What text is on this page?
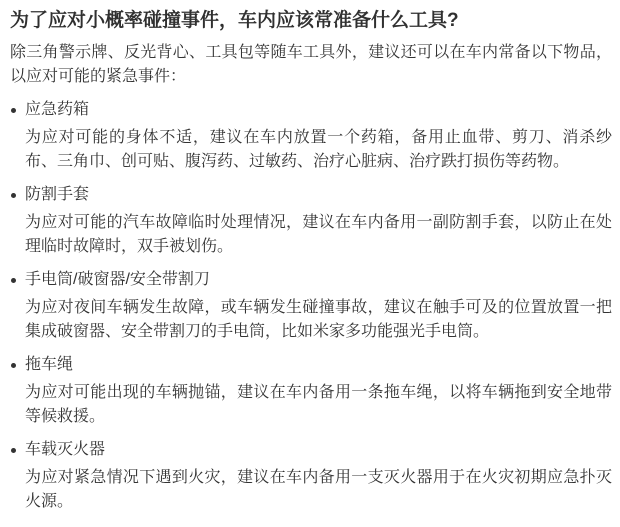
为了应对小概率碰撞事件，车内应该常准备什么工具?

除三角警示牌、反光背心、工具包等随车工具外，建议还可以在车内常备以下物品，以应对可能的紧急事件：

应急药箱

为应对可能的身体不适，建议在车内放置一个药箱，备用止血带、剪刀、消杀纱布、三角巾、创可贴、腹泻药、过敏药、治疗心脏病、治疗跌打损伤等药物。

防割手套

为应对可能的汽车故障临时处理情况，建议在车内备用一副防割手套，以防止在处理临时故障时，双手被划伤。

手电筒/破窗器/安全带割刀

为应对夜间车辆发生故障，或车辆发生碰撞事故，建议在触手可及的位置放置一把集成破窗器、安全带割刀的手电筒，比如米家多功能强光手电筒。

拖车绳

为应对可能出现的车辆抛锚，建议在车内备用一条拖车绳，以将车辆拖到安全地带等候救援。

车载灭火器

为应对紧急情况下遇到火灾，建议在车内备用一支灭火器用于在火灾初期应急扑灭火源。
